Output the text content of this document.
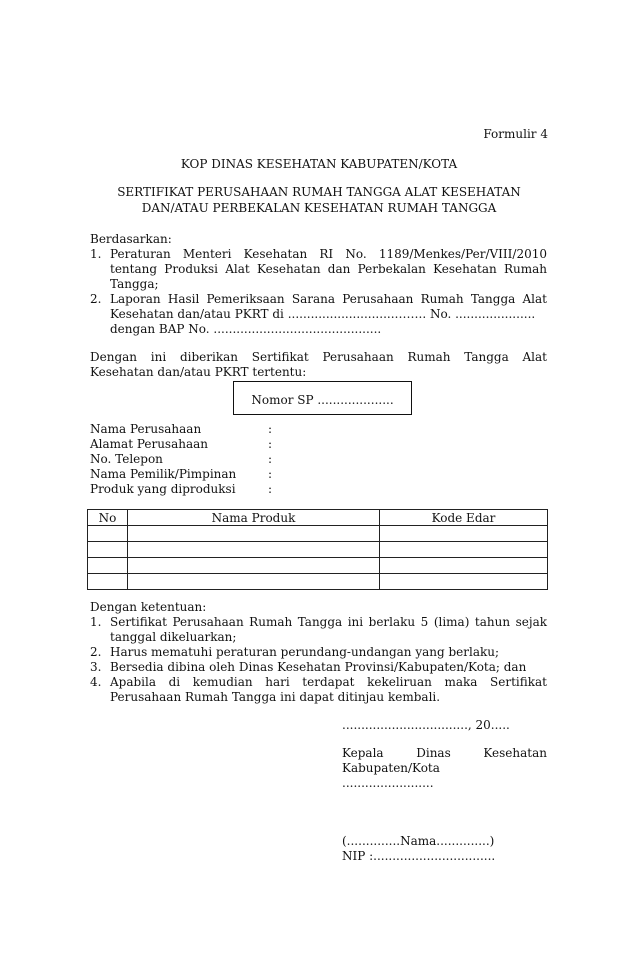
Formulir 4
KOP DINAS KESEHATAN KABUPATEN/KOTA
SERTIFIKAT PERUSAHAAN RUMAH TANGGA ALAT KESEHATAN
DAN/ATAU PERBEKALAN KESEHATAN RUMAH TANGGA
Berdasarkan:
1. Peraturan Menteri Kesehatan RI No. 1189/Menkes/Per/VIII/2010
tentang Produksi Alat Kesehatan dan Perbekalan Kesehatan Rumah
Tangga;
2. Laporan Hasil Pemeriksaan Sarana Perusahaan Rumah Tangga Alat
Kesehatan dan/atau PKRT di ............................…….. No. .....................
dengan BAP No. ............................................
Dengan ini diberikan Sertifikat Perusahaan Rumah Tangga Alat
Kesehatan dan/atau PKRT tertentu:
Nomor SP ....................
Nama Perusahaan	:
Alamat Perusahaan	:
No. Telepon	:
Nama Pemilik/Pimpinan	:
Produk yang diproduksi	:
No	Nama Produk	Kode Edar

Dengan ketentuan:
1. Sertifikat Perusahaan Rumah Tangga ini berlaku 5 (lima) tahun sejak
tanggal dikeluarkan;
2. Harus mematuhi peraturan perundang-undangan yang berlaku;
3. Bersedia dibina oleh Dinas Kesehatan Provinsi/Kabupaten/Kota; dan
4. Apabila di kemudian hari terdapat kekeliruan maka Sertifikat
Perusahaan Rumah Tangga ini dapat ditinjau kembali.
................................., 20.....
Kepala Dinas Kesehatan
Kabupaten/Kota
........................
(..............Nama..............)
NIP :................................
